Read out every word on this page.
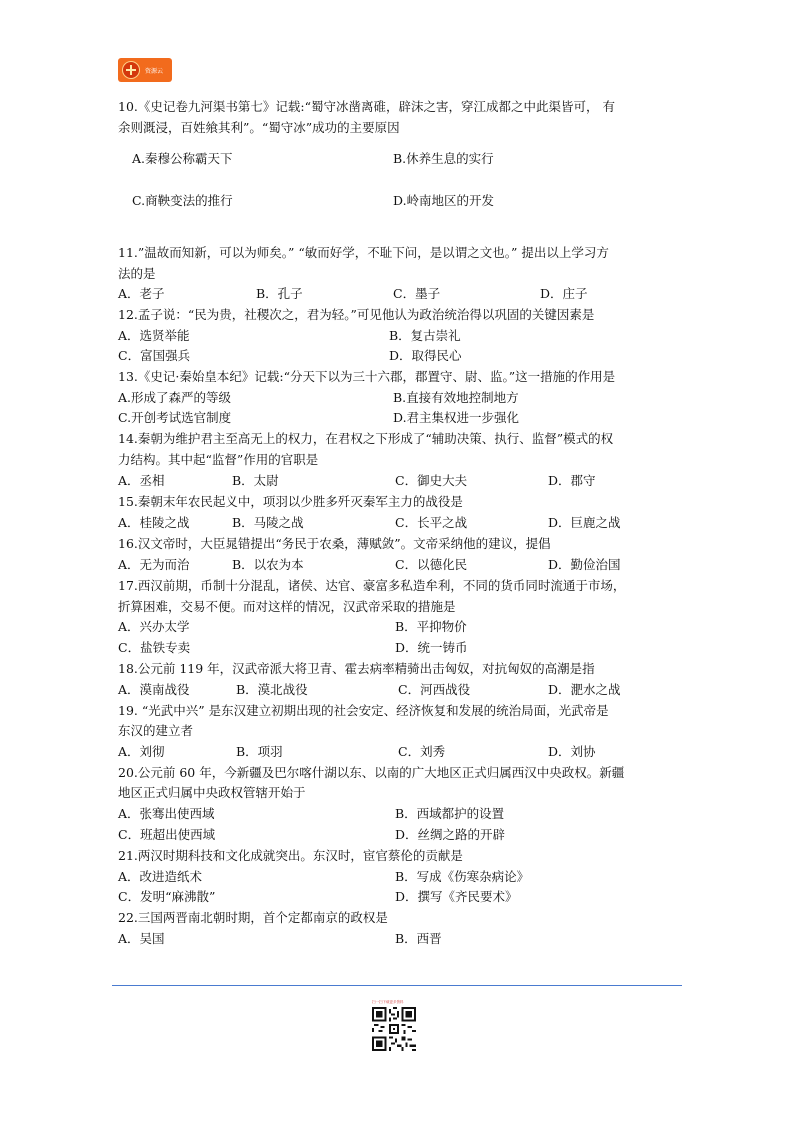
资源云
10.《史记卷九河渠书第七》记载:“蜀守冰凿离碓，辟沫之害，穿江成都之中此渠皆可， 有
余则溉浸，百姓飨其利”。“蜀守冰”成功的主要原因
A.秦穆公称霸天下	B.休养生息的实行
C.商鞅变法的推行	D.岭南地区的开发
11.”温故而知新，可以为师矣。” “敏而好学，不耻下问，是以谓之文也。” 提出以上学习方
法的是
A．老子	B．孔子	C．墨子	D．庄子
12.孟子说：“民为贵，社稷次之，君为轻。”可见他认为政治统治得以巩固的关键因素是
A．选贤举能	B．复古崇礼
C．富国强兵	D．取得民心
13.《史记·秦始皇本纪》记载:“分天下以为三十六郡，郡置守、尉、监。”这一措施的作用是
A.形成了森严的等级	B.直接有效地控制地方
C.开创考试选官制度	D.君主集权进一步强化
14.秦朝为维护君主至高无上的权力，在君权之下形成了“辅助决策、执行、监督”模式的权
力结构。其中起“监督”作用的官职是
A．丞相	B．太尉	C．御史大夫	D．郡守
15.秦朝末年农民起义中，项羽以少胜多歼灭秦军主力的战役是
A．桂陵之战	B．马陵之战	C．长平之战	D．巨鹿之战
16.汉文帝时，大臣晁错提出“务民于农桑，薄赋敛”。文帝采纳他的建议，提倡
A．无为而治	B．以农为本	C．以德化民	D．勤俭治国
17.西汉前期，币制十分混乱，诸侯、达官、豪富多私造牟利，不同的货币同时流通于市场，
折算困难，交易不便。而对这样的情况，汉武帝采取的措施是
A．兴办太学	B．平抑物价
C．盐铁专卖	D．统一铸币
18.公元前 119 年，汉武帝派大将卫青、霍去病率精骑出击匈奴，对抗匈奴的高潮是指
A．漠南战役	B．漠北战役	C．河西战役	D．淝水之战
19. “光武中兴” 是东汉建立初期出现的社会安定、经济恢复和发展的统治局面，光武帝是
东汉的建立者
A．刘彻	B．项羽	C．刘秀	D．刘协
20.公元前 60 年，今新疆及巴尔喀什湖以东、以南的广大地区正式归属西汉中央政权。新疆
地区正式归属中央政权管辖开始于
A．张骞出使西域	B．西域都护的设置
C．班超出使西域	D．丝绸之路的开辟
21.两汉时期科技和文化成就突出。东汉时，宦官蔡伦的贡献是
A．改进造纸术	B．写成《伤寒杂病论》
C．发明“麻沸散”	D．撰写《齐民要术》
22.三国两晋南北朝时期，首个定都南京的政权是
A．吴国	B．西晋
扫一扫下载更多资料
